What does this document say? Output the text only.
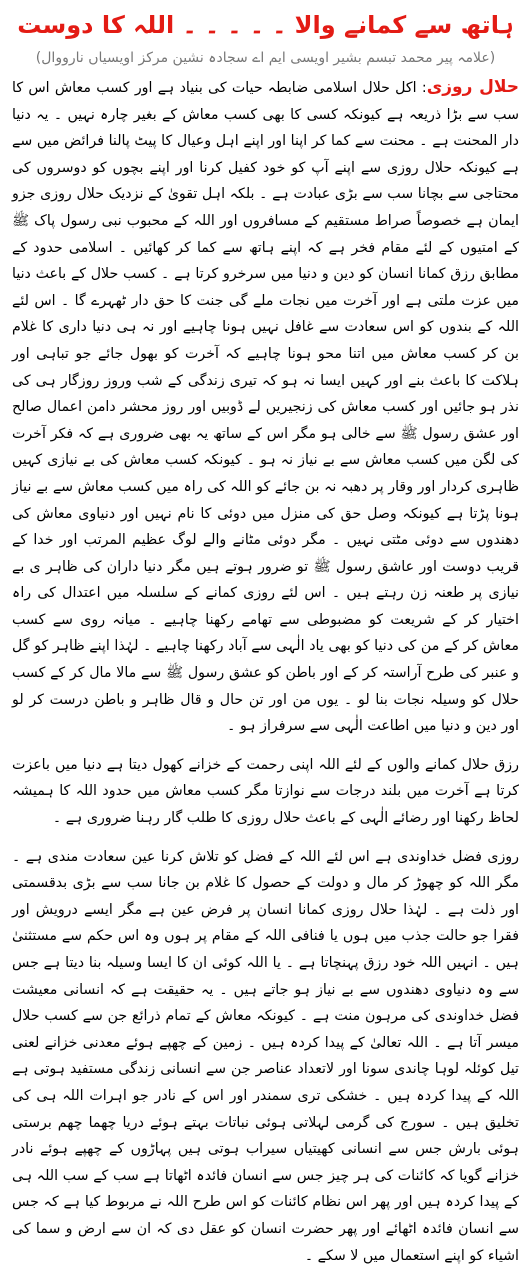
ہاتھ سے کمانے والا ۔ ۔ ۔ ۔ ۔ اللہ کا دوست
(علامہ پیر محمد تبسم بشیر اویسی ایم اے سجادہ نشین مرکز اویسیاں نارووال)

حلال روزی: اکل حلال اسلامی ضابطہ حیات کی بنیاد ہے اور کسب معاش اس کا سب سے بڑا ذریعہ ہے کیونکہ کسی کا بھی کسب معاش کے بغیر چارہ نہیں ۔ یہ دنیا دار المحنت ہے ۔ محنت سے کما کر اپنا اور اپنے اہل وعیال کا پیٹ پالنا فرائض میں سے ہے کیونکہ حلال روزی سے اپنے آپ کو خود کفیل کرنا اور اپنے بچوں کو دوسروں کی محتاجی سے بچانا سب سے بڑی عبادت ہے ۔ بلکہ اہل تقویٰ کے نزدیک حلال روزی جزو ایمان ہے خصوصاً صراط مستقیم کے مسافروں اور اللہ کے محبوب نبی رسول پاک ﷺ کے امتیوں کے لئے مقام فخر ہے کہ اپنے ہاتھ سے کما کر کھائیں ۔ اسلامی حدود کے مطابق رزق کمانا انسان کو دین و دنیا میں سرخرو کرتا ہے ۔ کسب حلال کے باعث دنیا میں عزت ملتی ہے اور آخرت میں نجات ملے گی جنت کا حق دار ٹھہرے گا ۔ اس لئے اللہ کے بندوں کو اس سعادت سے غافل نہیں ہونا چاہیے اور نہ ہی دنیا داری کا غلام بن کر کسب معاش میں اتنا محو ہونا چاہیے کہ آخرت کو بھول جائے جو تباہی اور ہلاکت کا باعث بنے اور کہیں ایسا نہ ہو کہ تیری زندگی کے شب وروز روزگار ہی کی نذر ہو جائیں اور کسب معاش کی زنجیریں لے ڈوبیں اور روز محشر دامن اعمال صالح اور عشق رسول ﷺ سے خالی ہو مگر اس کے ساتھ یہ بھی ضروری ہے کہ فکر آخرت کی لگن میں کسب معاش سے بے نیاز نہ ہو ۔ کیونکہ کسب معاش کی بے نیازی کہیں ظاہری کردار اور وقار پر دھبہ نہ بن جائے کو اللہ کی راہ میں کسب معاش سے بے نیاز ہونا پڑتا ہے کیونکہ وصل حق کی منزل میں دوئی کا نام نہیں اور دنیاوی معاش کی دھندوں سے دوئی مٹتی نہیں ۔ مگر دوئی مٹانے والے لوگ عظیم المرتب اور خدا کے قریب دوست اور عاشق رسول ﷺ تو ضرور ہوتے ہیں مگر دنیا داران کی ظاہر ی بے نیازی پر طعنہ زن رہتے ہیں ۔ اس لئے روزی کمانے کے سلسلہ میں اعتدال کی راہ اختیار کر کے شریعت کو مضبوطی سے تھامے رکھنا چاہیے ۔ میانہ روی سے کسب معاش کر کے من کی دنیا کو بھی یاد الٰہی سے آباد رکھنا چاہیے ۔ لہٰذا اپنے ظاہر کو گل و عنبر کی طرح آراستہ کر کے اور باطن کو عشق رسول ﷺ سے مالا مال کر کے کسب حلال کو وسیلہ نجات بنا لو ۔ یوں من اور تن حال و قال ظاہر و باطن درست کر لو اور دین و دنیا میں اطاعت الٰہی سے سرفراز ہو ۔

رزق حلال کمانے والوں کے لئے اللہ اپنی رحمت کے خزانے کھول دیتا ہے دنیا میں باعزت کرتا ہے آخرت میں بلند درجات سے نوازتا مگر کسب معاش میں حدود اللہ کا ہمیشہ لحاظ رکھنا اور رضائے الٰہی کے باعث حلال روزی کا طلب گار رہنا ضروری ہے ۔

روزی فضل خداوندی ہے اس لئے اللہ کے فضل کو تلاش کرنا عین سعادت مندی ہے ۔ مگر اللہ کو چھوڑ کر مال و دولت کے حصول کا غلام بن جانا سب سے بڑی بدقسمتی اور ذلت ہے ۔ لہٰذا حلال روزی کمانا انسان پر فرض عین ہے مگر ایسے درویش اور فقرا جو حالت جذب میں ہوں یا فنافی اللہ کے مقام پر ہوں وہ اس حکم سے مستثنیٰ ہیں ۔ انہیں اللہ خود رزق پہنچاتا ہے ۔ یا اللہ کوئی ان کا ایسا وسیلہ بنا دیتا ہے جس سے وہ دنیاوی دھندوں سے بے نیاز ہو جاتے ہیں ۔ یہ حقیقت ہے کہ انسانی معیشت فضل خداوندی کی مرہون منت ہے ۔ کیونکہ معاش کے تمام ذرائع جن سے کسب حلال میسر آتا ہے ۔ اللہ تعالیٰ کے پیدا کردہ ہیں ۔ زمین کے چھپے ہوئے معدنی خزانے لعنی تیل کوئلہ لوہا چاندی سونا اور لاتعداد عناصر جن سے انسانی زندگی مستفید ہوتی ہے اللہ کے پیدا کردہ ہیں ۔ خشکی تری سمندر اور اس کے نادر جو اہرات اللہ ہی کی تخلیق ہیں ۔ سورج کی گرمی لہلاتی ہوئی نباتات بہتے ہوئے دریا چھما چھم برستی ہوئی بارش جس سے انسانی کھیتیاں سیراب ہوتی ہیں پہاڑوں کے چھپے ہوئے نادر خزانے گویا کہ کائنات کی ہر چیز جس سے انسان فائدہ اٹھاتا ہے سب کے سب اللہ ہی کے پیدا کردہ ہیں اور پھر اس نظام کائنات کو اس طرح اللہ نے مربوط کیا ہے کہ جس سے انسان فائدہ اٹھائے اور پھر حضرت انسان کو عقل دی کہ ان سے ارض و سما کی اشیاء کو اپنے استعمال میں لا سکے ۔
